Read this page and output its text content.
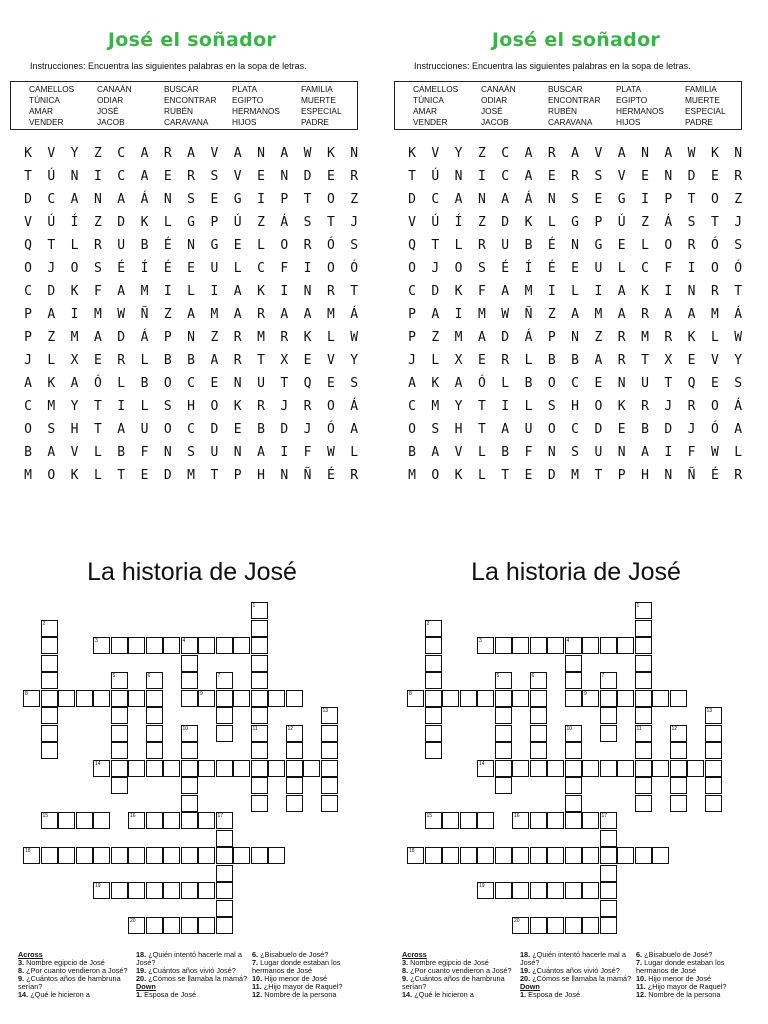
José el soñador
Instrucciones: Encuentra las siguientes palabras en la sopa de letras.
CAMELLOS	CANAÁN	BUSCAR	PLATA	FAMILIA
TÚNICA	ODIAR	ENCONTRAR EGIPTO	MUERTE
AMAR	JOSÉ	RUBÉN	HERMANOS	ESPECIAL
VENDER	JACOB	CARAVANA	HIJOS	PADRE
K V Y Z C A R A V A N A W K N
T Ú N I C A E R S V E N D E R
D C A N A Á N S E G I P T O Z
V Ú Í Z D K L G P Ú Z Á S T J
Q T L R U B É N G E L O R Ó S
O J O S É Í É E U L C F I O Ó
C D K F A M I L I A K I N R T
P A I M W Ñ Z A M A R A A M Á
P Z M A D Á P N Z R M R K L W
J L X E R L B B A R T X E V Y
A K A Ó L B O C E N U T Q E S
C M Y T I L S H O K R J R O Á
O S H T A U O C D E B D J Ó A
B A V L B F N S U N A I F W L
M O K L T E D M T P H N Ñ É R
La historia de José
1
2
3	4
5	6	7
8	9
10	11	12
13
14
15	16	17
18
19
20
Across
3. Nombre egipcio de José
8. ¿Por cuanto vendieron a José?
9. ¿Cuántos años de hambruna serían?
14. ¿Qué le hicieron a
18. ¿Quién intentó hacerle mal a José?
19. ¿Cuántos años vivió José?
20. ¿Cómos se llamaba la mamá?
Down
1. Esposa de José
6. ¿Bisabuelo de José?
7. Lugar donde estaban los hermanos de José
10. Hijo menor de José
11. ¿Hijo mayor de Raquel?
12. Nombre de la persona
José el soñador
Instrucciones: Encuentra las siguientes palabras en la sopa de letras.
CAMELLOS	CANAÁN	BUSCAR	PLATA	FAMILIA
TÚNICA	ODIAR	ENCONTRAR EGIPTO	MUERTE
AMAR	JOSÉ	RUBÉN	HERMANOS	ESPECIAL
VENDER	JACOB	CARAVANA	HIJOS	PADRE
K V Y Z C A R A V A N A W K N
T Ú N I C A E R S V E N D E R
D C A N A Á N S E G I P T O Z
V Ú Í Z D K L G P Ú Z Á S T J
Q T L R U B É N G E L O R Ó S
O J O S É Í É E U L C F I O Ó
C D K F A M I L I A K I N R T
P A I M W Ñ Z A M A R A A M Á
P Z M A D Á P N Z R M R K L W
J L X E R L B B A R T X E V Y
A K A Ó L B O C E N U T Q E S
C M Y T I L S H O K R J R O Á
O S H T A U O C D E B D J Ó A
B A V L B F N S U N A I F W L
M O K L T E D M T P H N Ñ É R
La historia de José
1
2
3	4
5	6	7
8	9
10	11	12
13
14
15	16	17
18
19
20
Across
3. Nombre egipcio de José
8. ¿Por cuanto vendieron a José?
9. ¿Cuántos años de hambruna serían?
14. ¿Qué le hicieron a
18. ¿Quién intentó hacerle mal a José?
19. ¿Cuántos años vivió José?
20. ¿Cómos se llamaba la mamá?
Down
1. Esposa de José
6. ¿Bisabuelo de José?
7. Lugar donde estaban los hermanos de José
10. Hijo menor de José
11. ¿Hijo mayor de Raquel?
12. Nombre de la persona
